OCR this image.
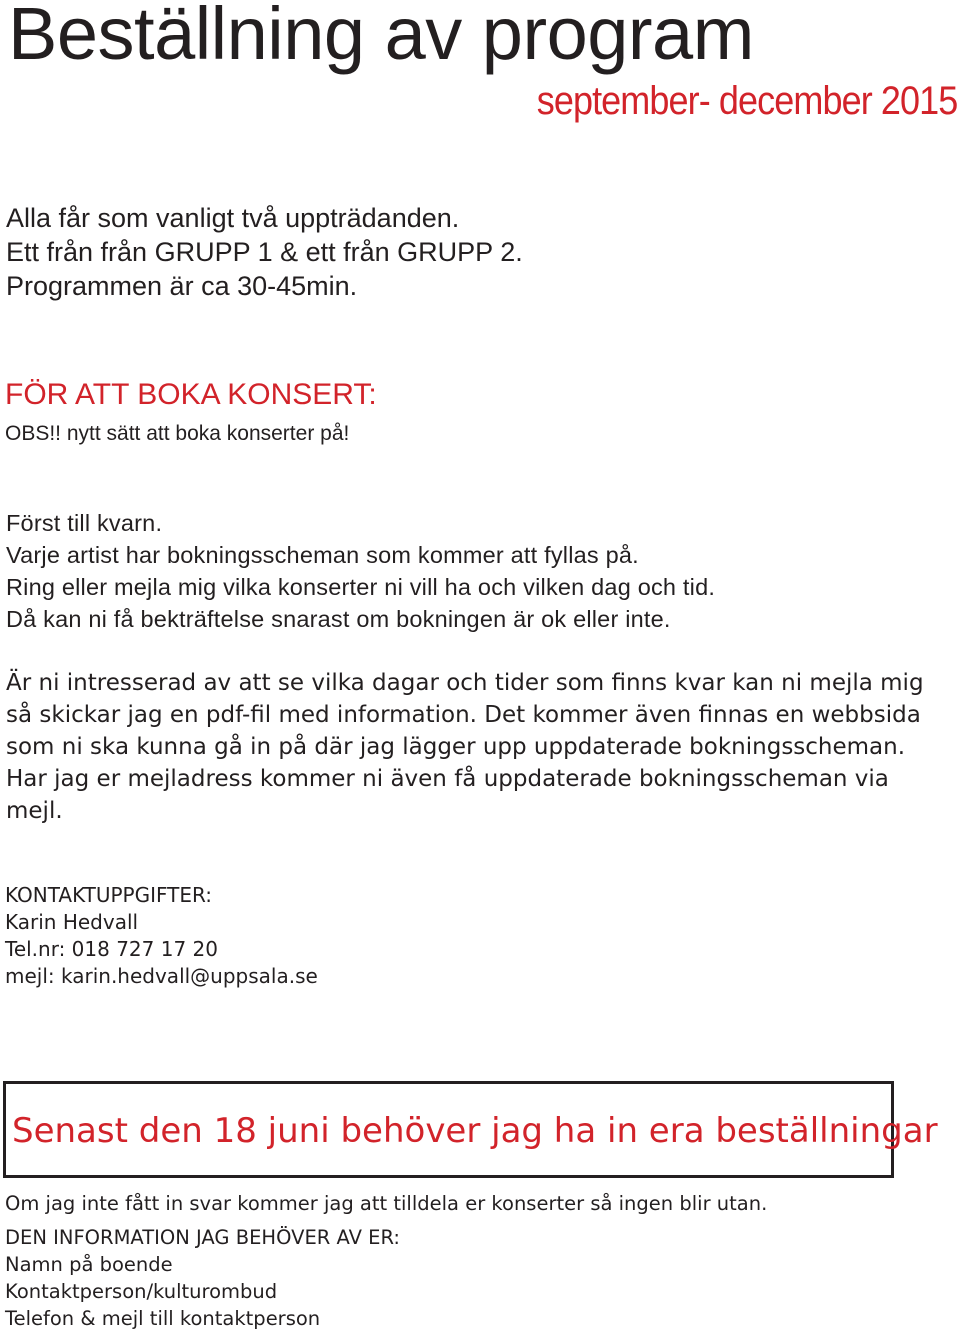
Beställning av program
september- december 2015
Alla får som vanligt två uppträdanden.
Ett från från GRUPP 1 & ett från GRUPP 2.
Programmen är ca 30-45min.
FÖR ATT BOKA KONSERT:
OBS!! nytt sätt att boka konserter på!
Först till kvarn.
Varje artist har bokningsscheman som kommer att fyllas på.
Ring eller mejla mig vilka konserter ni vill ha och vilken dag och tid.
Då kan ni få bekträftelse snarast om bokningen är ok eller inte.
Är ni intresserad av att se vilka dagar och tider som finns kvar kan ni mejla mig
så skickar jag en pdf-fil med information. Det kommer även finnas en webbsida
som ni ska kunna gå in på där jag lägger upp uppdaterade bokningsscheman.
Har jag er mejladress kommer ni även få uppdaterade bokningsscheman via
mejl.
KONTAKTUPPGIFTER:
Karin Hedvall
Tel.nr: 018 727 17 20
mejl: karin.hedvall@uppsala.se
Senast den 18 juni behöver jag ha in era beställningar
Om jag inte fått in svar kommer jag att tilldela er konserter så ingen blir utan.
DEN INFORMATION JAG BEHÖVER AV ER:
Namn på boende
Kontaktperson/kulturombud
Telefon & mejl till kontaktperson
